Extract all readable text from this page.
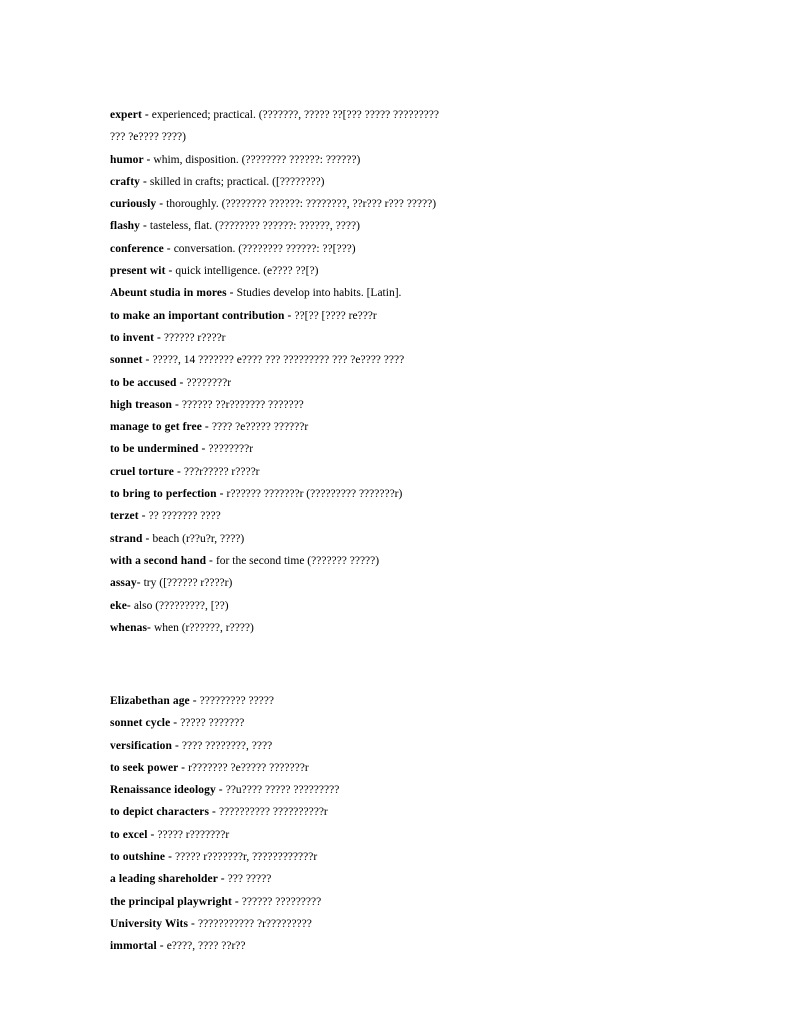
expert - experienced; practical. (???????, ????? ??[??? ????? ????????? ??? ?e???? ????)
humor - whim, disposition. (???????? ??????: ??????)
crafty - skilled in crafts; practical. ([????????)
curiously - thoroughly. (???????? ??????: ????????, ??r??? r??? ?????)
flashy - tasteless, flat. (???????? ??????: ??????, ????)
conference - conversation. (???????? ??????: ??[???)
present wit - quick intelligence. (e???? ??[?)
Abeunt studia in mores - Studies develop into habits. [Latin].
to make an important contribution - ??[?? [???? re???r
to invent - ?????? r????r
sonnet - ?????, 14 ??????? e???? ??? ????????? ??? ?e???? ????
to be accused - ????????r
high treason - ?????? ??r??????? ???????
manage to get free - ???? ?e????? ??????r
to be undermined - ????????r
cruel torture - ???r????? r????r
to bring to perfection - r?????? ???????r (????????? ???????r)
terzet - ?? ??????? ????
strand - beach (r??u?r, ????)
with a second hand - for the second time (??????? ?????)
assay- try ([?????? r????r)
eke- also (?????????, [??)
whenas- when (r??????, r????)
Elizabethan age - ????????? ?????
sonnet cycle - ????? ???????
versification - ???? ????????, ????
to seek power - r??????? ?e????? ???????r
Renaissance ideology - ??u???? ????? ?????????
to depict characters - ?????????? ??????????r
to excel - ????? r???????r
to outshine - ????? r???????r, ????????????r
a leading shareholder - ??? ?????
the principal playwright - ?????? ?????????
University Wits - ??????????? ?r?????????
immortal - e????, ???? ??r??
